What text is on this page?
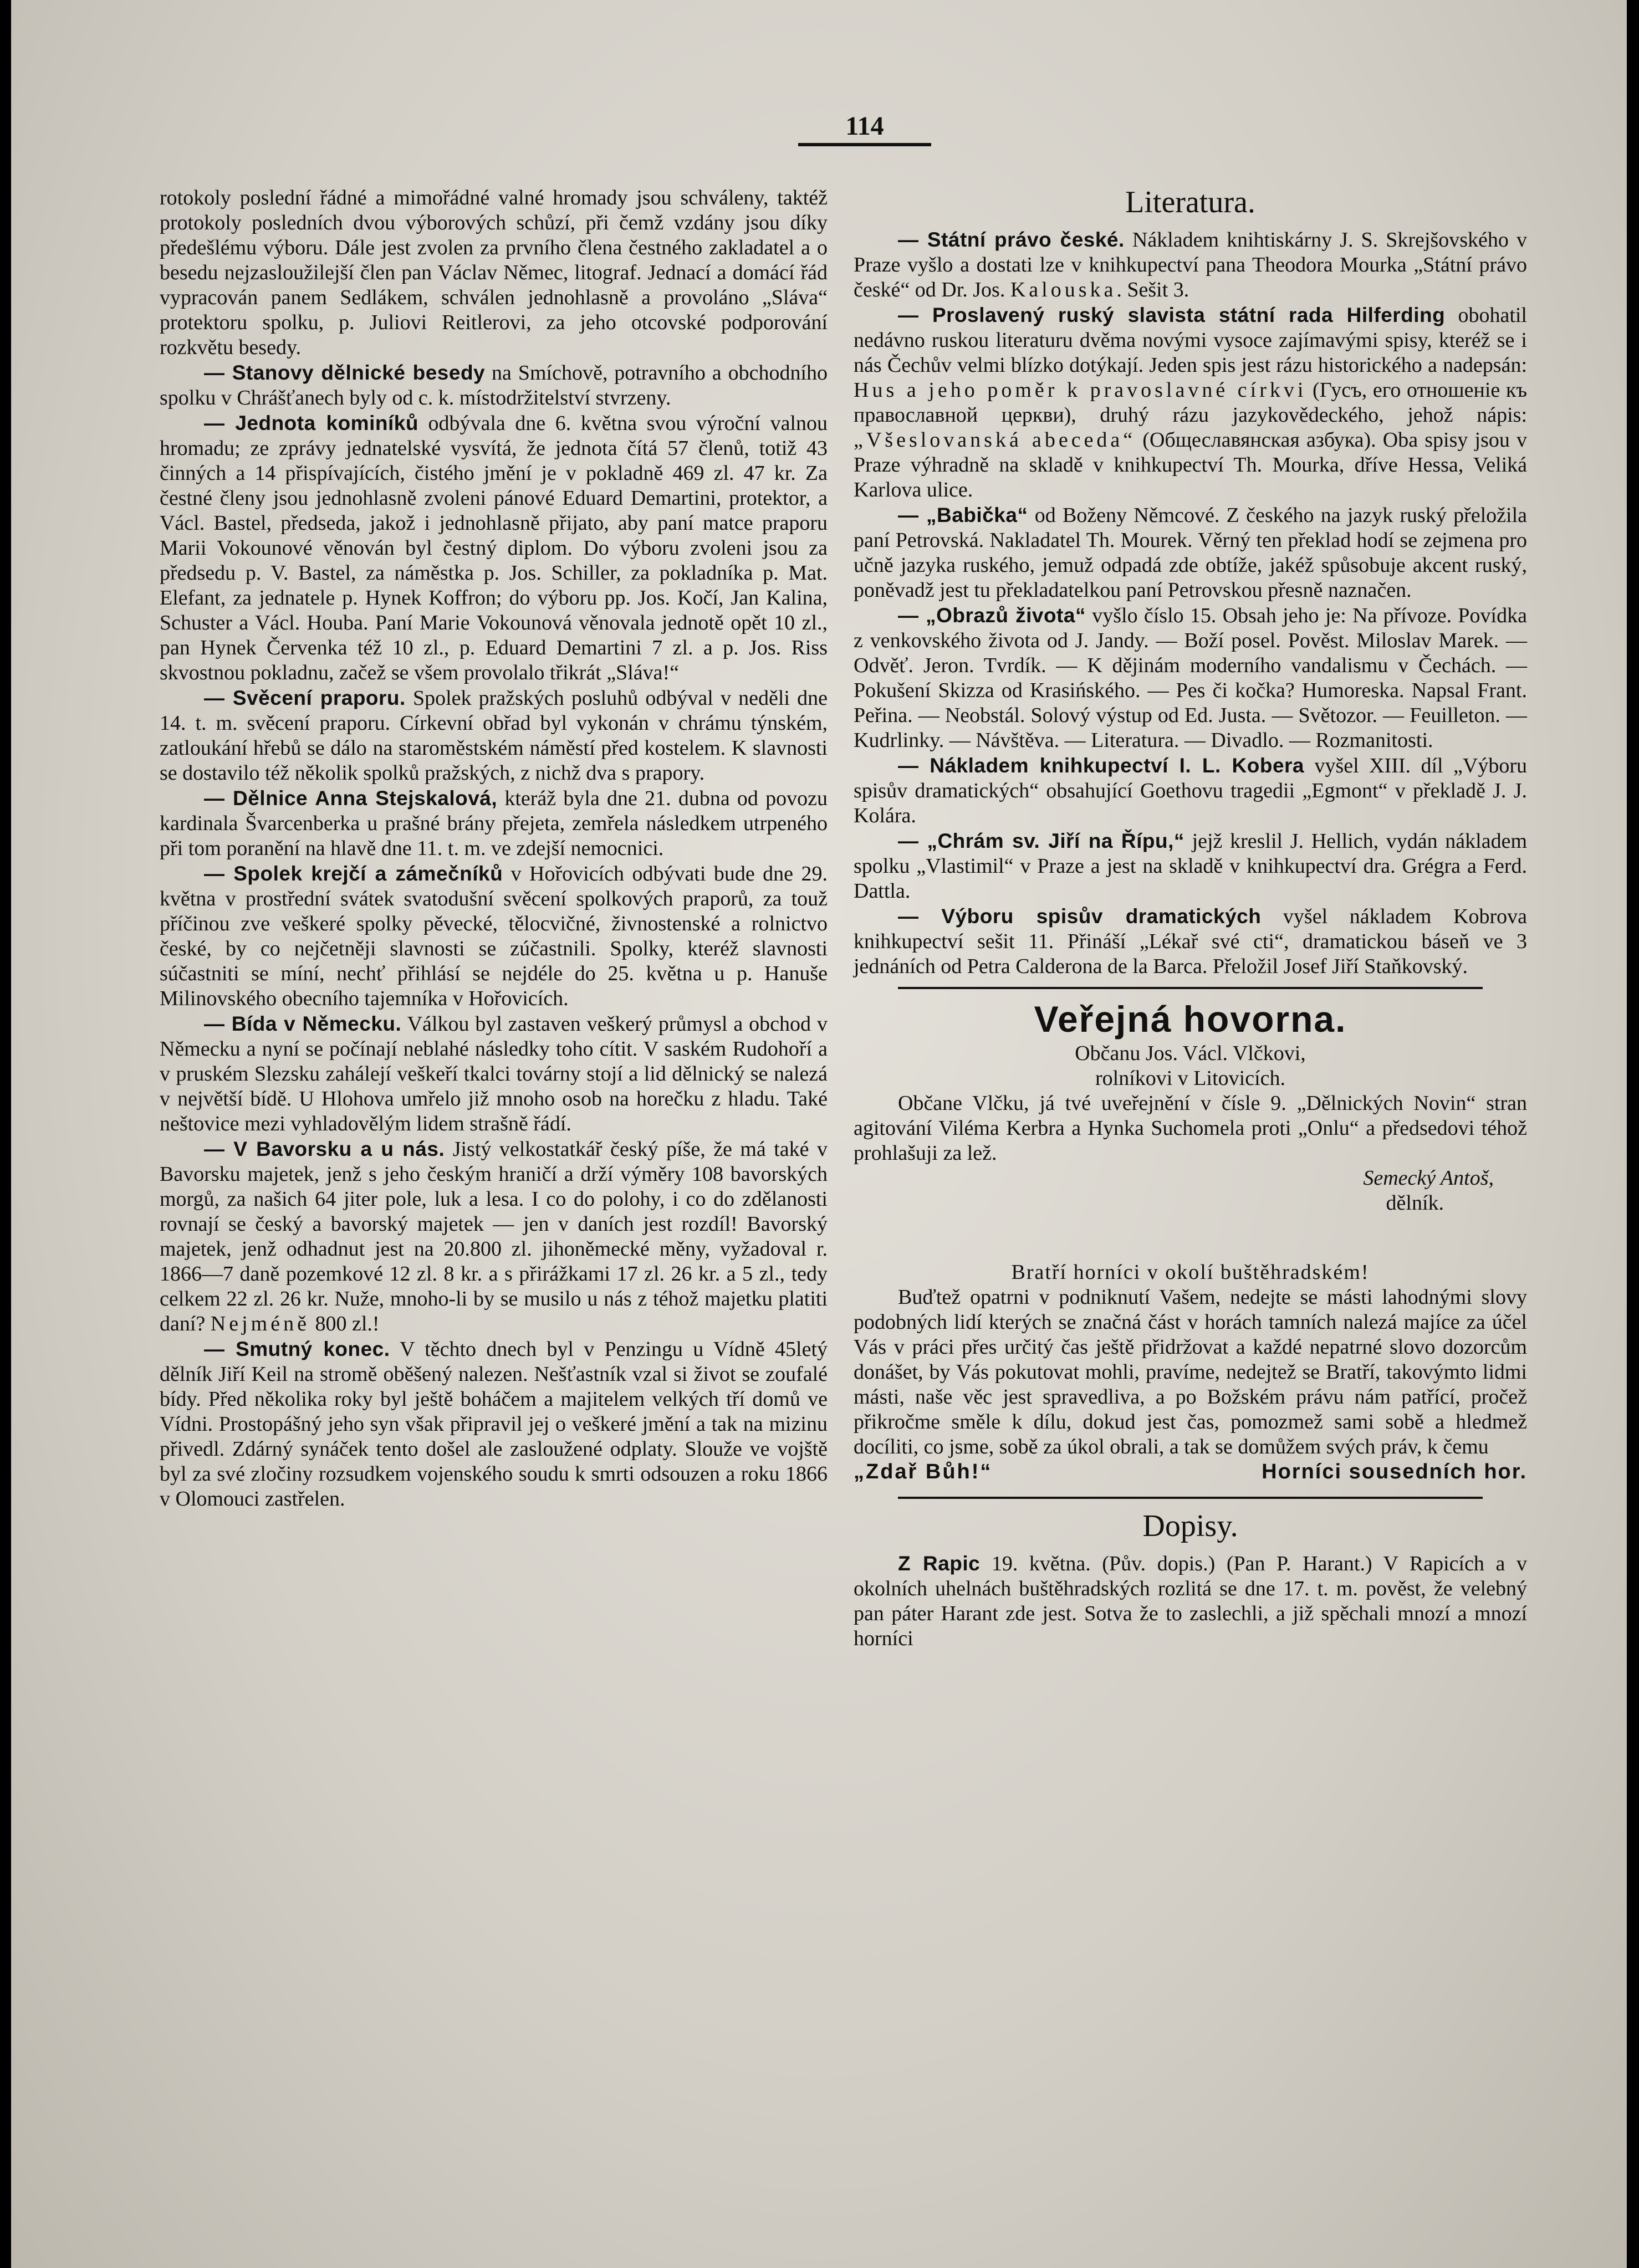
114

rotokoly poslední řádné a mimořádné valné hromady jsou schváleny, taktéž protokoly posledních dvou výborových schůzí, při čemž vzdány jsou díky předešlému výboru. Dále jest zvolen za prvního člena čestného zakladatel a o besedu nejzasloužilejší člen pan Václav Němec, litograf. Jednací a domácí řád vypracován panem Sedlákem, schválen jednohlasně a provoláno „Sláva“ protektoru spolku, p. Juliovi Reitlerovi, za jeho otcovské podporování rozkvětu besedy.

— Stanovy dělnické besedy na Smíchově, potravního a obchodního spolku v Chrášťanech byly od c. k. místodržitelství stvrzeny.

— Jednota kominíků odbývala dne 6. května svou výroční valnou hromadu; ze zprávy jednatelské vysvítá, že jednota čítá 57 členů, totiž 43 činných a 14 přispívajících, čistého jmění je v pokladně 469 zl. 47 kr. Za čestné členy jsou jednohlasně zvoleni pánové Eduard Demartini, protektor, a Václ. Bastel, předseda, jakož i jednohlasně přijato, aby paní matce praporu Marii Vokounové věnován byl čestný diplom. Do výboru zvoleni jsou za předsedu p. V. Bastel, za náměstka p. Jos. Schiller, za pokladníka p. Mat. Elefant, za jednatele p. Hynek Koffron; do výboru pp. Jos. Kočí, Jan Kalina, Schuster a Václ. Houba. Paní Marie Vokounová věnovala jednotě opět 10 zl., pan Hynek Červenka též 10 zl., p. Eduard Demartini 7 zl. a p. Jos. Riss skvostnou pokladnu, začež se všem provolalo třikrát „Sláva!“

— Svěcení praporu. Spolek pražských posluhů odbýval v neděli dne 14. t. m. svěcení praporu. Církevní obřad byl vykonán v chrámu týnském, zatloukání hřebů se dálo na staroměstském náměstí před kostelem. K slavnosti se dostavilo též několik spolků pražských, z nichž dva s prapory.

— Dělnice Anna Stejskalová, kteráž byla dne 21. dubna od povozu kardinala Švarcenberka u prašné brány přejeta, zemřela následkem utrpeného při tom poranění na hlavě dne 11. t. m. ve zdejší nemocnici.

— Spolek krejčí a zámečníků v Hořovicích odbývati bude dne 29. května v prostřední svátek svatodušní svěcení spolkových praporů, za touž příčinou zve veškeré spolky pěvecké, tělocvičné, živnostenské a rolnictvo české, by co nejčetněji slavnosti se zúčastnili. Spolky, kteréž slavnosti súčastniti se míní, nechť přihlásí se nejdéle do 25. května u p. Hanuše Milinovského obecního tajemníka v Hořovicích.

— Bída v Německu. Válkou byl zastaven veškerý průmysl a obchod v Německu a nyní se počínají neblahé následky toho cítit. V saském Rudohoří a v pruském Slezsku zahálejí veškeří tkalci továrny stojí a lid dělnický se nalezá v největší bídě. U Hlohova umřelo již mnoho osob na horečku z hladu. Také neštovice mezi vyhladovělým lidem strašně řádí.

— V Bavorsku a u nás. Jistý velkostatkář český píše, že má také v Bavorsku majetek, jenž s jeho českým hraničí a drží výměry 108 bavorských morgů, za našich 64 jiter pole, luk a lesa. I co do polohy, i co do zdělanosti rovnají se český a bavorský majetek — jen v daních jest rozdíl! Bavorský majetek, jenž odhadnut jest na 20.800 zl. jihoněmecké měny, vyžadoval r. 1866—7 daně pozemkové 12 zl. 8 kr. a s přirážkami 17 zl. 26 kr. a 5 zl., tedy celkem 22 zl. 26 kr. Nuže, mnoho-li by se musilo u nás z téhož majetku platiti daní? Nejméně 800 zl.!

— Smutný konec. V těchto dnech byl v Penzingu u Vídně 45letý dělník Jiří Keil na stromě oběšený nalezen. Nešťastník vzal si život se zoufalé bídy. Před několika roky byl ještě boháčem a majitelem velkých tří domů ve Vídni. Prostopášný jeho syn však připravil jej o veškeré jmění a tak na mizinu přivedl. Zdárný synáček tento došel ale zasloužené odplaty. Slouže ve vojště byl za své zločiny rozsudkem vojenského soudu k smrti odsouzen a roku 1866 v Olomouci zastřelen.

Literatura.

— Státní právo české. Nákladem knihtiskárny J. S. Skrejšovského v Praze vyšlo a dostati lze v knihkupectví pana Theodora Mourka „Státní právo české“ od Dr. Jos. Kalouska. Sešit 3.

— Proslavený ruský slavista státní rada Hilferding obohatil nedávno ruskou literaturu dvěma novými vysoce zajímavými spisy, kteréž se i nás Čechův velmi blízko dotýkají. Jeden spis jest rázu historického a nadepsán: Hus a jeho poměr k pravoslavné církvi (Гусъ, его отношеніе къ православной церкви), druhý rázu jazykovědeckého, jehož nápis: „Všeslovanská abeceda“ (Общеславянская азбука). Oba spisy jsou v Praze výhradně na skladě v knihkupectví Th. Mourka, dříve Hessa, Veliká Karlova ulice.

— „Babička“ od Boženy Němcové. Z českého na jazyk ruský přeložila paní Petrovská. Nakladatel Th. Mourek. Věrný ten překlad hodí se zejmena pro učně jazyka ruského, jemuž odpadá zde obtíže, jakéž spůsobuje akcent ruský, poněvadž jest tu překladatelkou paní Petrovskou přesně naznačen.

— „Obrazů života“ vyšlo číslo 15. Obsah jeho je: Na přívoze. Povídka z venkovského života od J. Jandy. — Boží posel. Pověst. Miloslav Marek. — Odvěť. Jeron. Tvrdík. — K dějinám moderního vandalismu v Čechách. — Pokušení Skizza od Krasińského. — Pes či kočka? Humoreska. Napsal Frant. Peřina. — Neobstál. Solový výstup od Ed. Justa. — Světozor. — Feuilleton. — Kudrlinky. — Návštěva. — Literatura. — Divadlo. — Rozmanitosti.

— Nákladem knihkupectví I. L. Kobera vyšel XIII. díl „Výboru spisův dramatických“ obsahující Goethovu tragedii „Egmont“ v překladě J. J. Kolára.

— „Chrám sv. Jiří na Řípu,“ jejž kreslil J. Hellich, vydán nákladem spolku „Vlastimil“ v Praze a jest na skladě v knihkupectví dra. Grégra a Ferd. Dattla.

— Výboru spisův dramatických vyšel nákladem Kobrova knihkupectví sešit 11. Přináší „Lékař své cti“, dramatickou báseň ve 3 jednáních od Petra Calderona de la Barca. Přeložil Josef Jiří Staňkovský.

Veřejná hovorna.

Občanu Jos. Václ. Vlčkovi,

rolníkovi v Litovicích.

Občane Vlčku, já tvé uveřejnění v čísle 9. „Dělnických Novin“ stran agitování Viléma Kerbra a Hynka Suchomela proti „Onlu“ a předsedovi téhož prohlašuji za lež.

Semecký Antoš,

dělník.

Bratří horníci v okolí buštěhradském!

Buďtež opatrni v podniknutí Vašem, nedejte se másti lahodnými slovy podobných lidí kterých se značná část v horách tamních nalezá majíce za účel Vás v práci přes určitý čas ještě přidržovat a každé nepatrné slovo dozorcům donášet, by Vás pokutovat mohli, pravíme, nedejtež se Bratří, takovýmto lidmi másti, naše věc jest spravedliva, a po Božském právu nám patřící, pročež přikročme směle k dílu, dokud jest čas, pomozmež sami sobě a hledmež docíliti, co jsme, sobě za úkol obrali, a tak se domůžem svých práv, k čemu

„Zdař Bůh!“	Horníci sousedních hor.

Dopisy.

Z Rapic 19. května. (Pův. dopis.) (Pan P. Harant.) V Rapicích a v okolních uhelnách buštěhradských rozlitá se dne 17. t. m. pověst, že velebný pan páter Harant zde jest. Sotva že to zaslechli, a již spěchali mnozí a mnozí horníci
